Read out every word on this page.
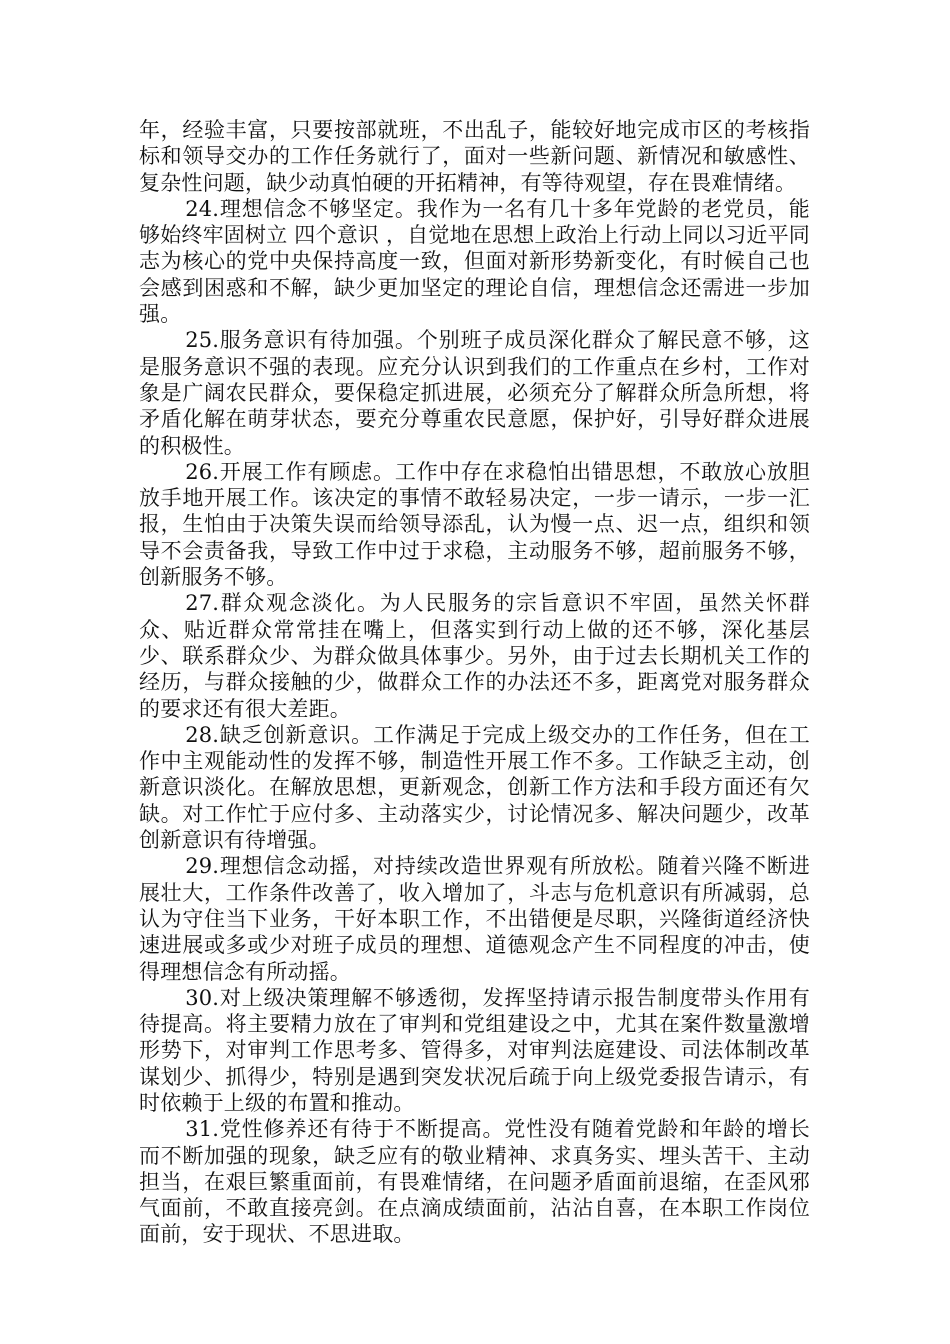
年，经验丰富，只要按部就班，不出乱子，能较好地完成市区的考核指标和领导交办的工作任务就行了，面对一些新问题、新情况和敏感性、复杂性问题，缺少动真怕硬的开拓精神，有等待观望，存在畏难情绪。

24.理想信念不够坚定。我作为一名有几十多年党龄的老党员，能够始终牢固树立 四个意识 ，自觉地在思想上政治上行动上同以习近平同志为核心的党中央保持高度一致，但面对新形势新变化，有时候自己也会感到困惑和不解，缺少更加坚定的理论自信，理想信念还需进一步加强。

25.服务意识有待加强。个别班子成员深化群众了解民意不够，这是服务意识不强的表现。应充分认识到我们的工作重点在乡村，工作对象是广阔农民群众，要保稳定抓进展，必须充分了解群众所急所想，将矛盾化解在萌芽状态，要充分尊重农民意愿，保护好，引导好群众进展的积极性。

26.开展工作有顾虑。工作中存在求稳怕出错思想，不敢放心放胆放手地开展工作。该决定的事情不敢轻易决定，一步一请示，一步一汇报，生怕由于决策失误而给领导添乱，认为慢一点、迟一点，组织和领导不会责备我，导致工作中过于求稳，主动服务不够，超前服务不够，创新服务不够。

27.群众观念淡化。为人民服务的宗旨意识不牢固，虽然关怀群众、贴近群众常常挂在嘴上，但落实到行动上做的还不够，深化基层少、联系群众少、为群众做具体事少。另外，由于过去长期机关工作的经历，与群众接触的少，做群众工作的办法还不多，距离党对服务群众的要求还有很大差距。

28.缺乏创新意识。工作满足于完成上级交办的工作任务，但在工作中主观能动性的发挥不够，制造性开展工作不多。工作缺乏主动，创新意识淡化。在解放思想，更新观念，创新工作方法和手段方面还有欠缺。对工作忙于应付多、主动落实少，讨论情况多、解决问题少，改革创新意识有待增强。

29.理想信念动摇，对持续改造世界观有所放松。随着兴隆不断进展壮大，工作条件改善了，收入增加了，斗志与危机意识有所减弱，总认为守住当下业务，干好本职工作，不出错便是尽职，兴隆街道经济快速进展或多或少对班子成员的理想、道德观念产生不同程度的冲击，使得理想信念有所动摇。

30.对上级决策理解不够透彻，发挥坚持请示报告制度带头作用有待提高。将主要精力放在了审判和党组建设之中，尤其在案件数量激增形势下，对审判工作思考多、管得多，对审判法庭建设、司法体制改革谋划少、抓得少，特别是遇到突发状况后疏于向上级党委报告请示，有时依赖于上级的布置和推动。

31.党性修养还有待于不断提高。党性没有随着党龄和年龄的增长而不断加强的现象，缺乏应有的敬业精神、求真务实、埋头苦干、主动担当，在艰巨繁重面前，有畏难情绪，在问题矛盾面前退缩，在歪风邪气面前，不敢直接亮剑。在点滴成绩面前，沾沾自喜，在本职工作岗位面前，安于现状、不思进取。
